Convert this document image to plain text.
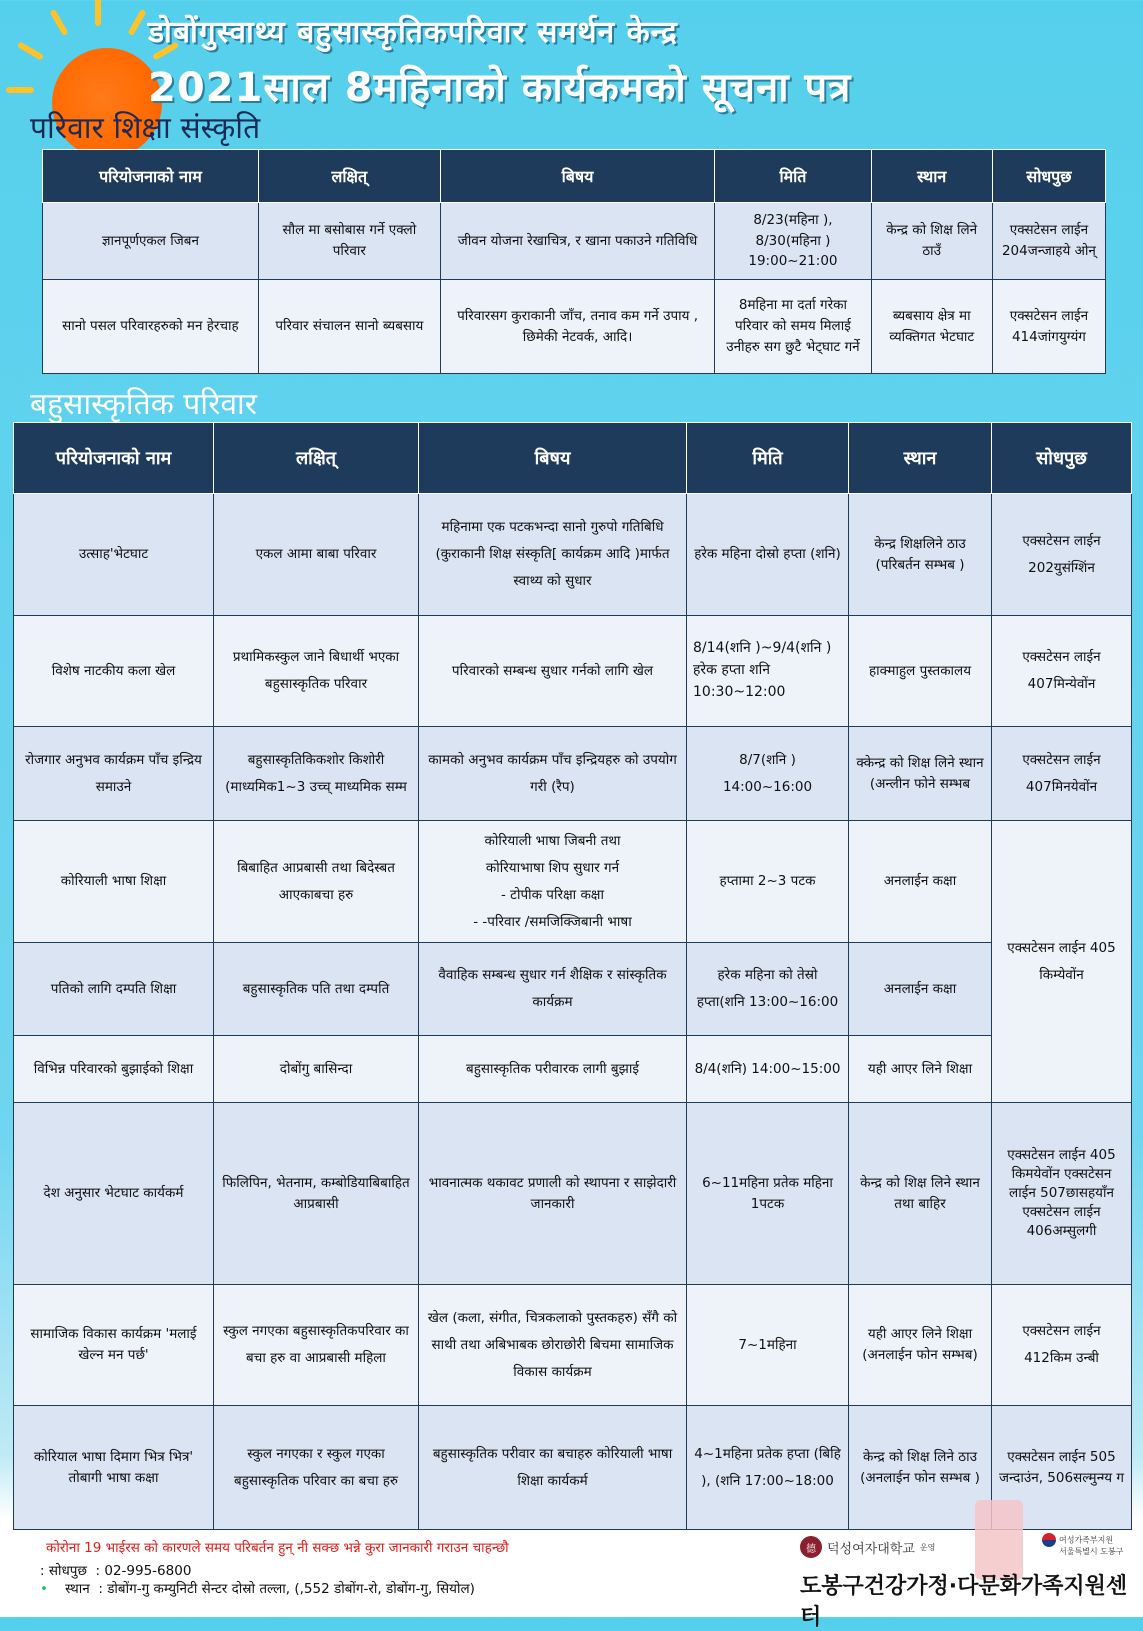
डोबोंगुस्वाथ्य बहुसास्कृतिकपरिवार समर्थन केन्द्र
2021साल 8महिनाको कार्यकमको सूचना पत्र
परिवार शिक्षा संस्कृति
परियोजनाको नाम	लक्षित्	बिषय	मिति	स्थान	सोधपुछ
ज्ञानपूर्णएकल जिबन	सौल मा बसोबास गर्ने एक्लो परिवार	जीवन योजना रेखाचित्र, र खाना पकाउने गतिविधि	8/23(महिना ), 8/30(महिना ) 19:00~21:00	केन्द्र को शिक्ष लिने ठाउँ	एक्सटेसन लाईन 204जन्जाहये ओन्
सानो पसल परिवारहरुको मन हेरचाह	परिवार संचालन सानो ब्यबसाय	परिवारसग कुराकानी जाँच, तनाव कम गर्ने उपाय , छिमेकी नेटवर्क, आदि।	8महिना मा दर्ता गरेका परिवार को समय मिलाई उनीहरु सग छुटै भेट्घाट गर्ने	ब्यबसाय क्षेत्र मा व्यक्तिगत भेटघाट	एक्सटेसन लाईन 414जांगयुग्यंग
बहुसास्कृतिक परिवार
परियोजनाको नाम	लक्षित्	बिषय	मिति	स्थान	सोधपुछ
उत्साह'भेटघाट	एकल आमा बाबा परिवार	महिनामा एक पटकभन्दा सानो गुरुपो गतिबिधि (कुराकानी शिक्ष संस्कृति[ कार्यक्रम आदि )मार्फत स्वाथ्य को सुधार	हरेक महिना दोस्रो हप्ता (शनि)	केन्द्र शिक्षलिने ठाउ (परिबर्तन सम्भब )	एक्सटेसन लाईन 202युसंग्शिंन
विशेष नाटकीय कला खेल	प्रथामिकस्कुल जाने बिधार्थी भएका बहुसास्कृतिक परिवार	परिवारको सम्बन्ध सुधार गर्नको लागि खेल	8/14(शनि )~9/4(शनि ) हरेक हप्ता शनि 10:30~12:00	हाक्माहुल पुस्तकालय	एक्सटेसन लाईन 407मिन्येवोंन
रोजगार अनुभव कार्यक्रम पाँच इन्द्रिय समाउने	बहुसास्कृतिकिकशोर किशोरी (माध्यमिक1~3 उच्च् माध्यमिक सम्म	कामको अनुभव कार्यक्रम पाँच इन्द्रियहरु को उपयोग गरी (रैप)	8/7(शनि ) 14:00~16:00	क्केन्द्र को शिक्ष लिने स्थान (अन्लीन फोने सम्भब	एक्सटेसन लाईन 407मिनयेवोंन
कोरियाली भाषा शिक्षा	बिबाहित आप्रबासी तथा बिदेस्बत आएकाबचा हरु	कोरियाली भाषा जिबनी तथा
कोरियाभाषा शिप सुधार गर्न
- टोपीक परिक्षा कक्षा
- -परिवार /समजिक्जिबानी भाषा	हप्तामा 2~3 पटक	अनलाईन कक्षा	एक्सटेसन लाईन 405 किम्येवोंन
पतिको लागि दम्पति शिक्षा	बहुसास्कृतिक पति तथा दम्पति	वैवाहिक सम्बन्ध सुधार गर्न शैक्षिक र सांस्कृतिक कार्यक्रम	हरेक महिना को तेस्रो हप्ता(शनि 13:00~16:00	अनलाईन कक्षा	
विभिन्न परिवारको बुझाईको शिक्षा	दोबोंगु बासिन्दा	बहुसास्कृतिक परीवारक लागी बुझाई	8/4(शनि) 14:00~15:00	यही आएर लिने शिक्षा	
देश अनुसार भेटघाट कार्यकर्म	फिलिपिन, भेतनाम, कम्बोडियाबिबाहित आप्रबासी	भावनात्मक थकावट प्रणाली को स्थापना र साझेदारी जानकारी	6~11महिना प्रतेक महिना 1पटक	केन्द्र को शिक्ष लिने स्थान तथा बाहिर	एक्सटेसन लाईन 405 किमयेवोंन एक्सटेसन लाईन 507छासहयाँन एक्सटेसन लाईन 406अम्सुलगी
सामाजिक विकास कार्यक्रम 'मलाई खेल्न मन पर्छ'	स्कुल नगएका बहुसास्कृतिकपरिवार का बचा हरु वा आप्रबासी महिला	खेल (कला, संगीत, चित्रकलाको पुस्तकहरु) सँगै को साथी तथा अबिभाबक छोराछोरी बिचमा सामाजिक विकास कार्यक्रम	7~1महिना	यही आएर लिने शिक्षा (अनलाईन फोन सम्भब)	एक्सटेसन लाईन 412किम उन्बी
कोरियाल भाषा दिमाग भित्र भित्र' तोबागी भाषा कक्षा	स्कुल नगएका र स्कुल गएका बहुसास्कृतिक परिवार का बचा हरु	बहुसास्कृतिक परीवार का बचाहरु कोरियाली भाषा शिक्षा कार्यकर्म	4~1महिना प्रतेक हप्ता (बिहि ), (शनि 17:00~18:00	केन्द्र को शिक्ष लिने ठाउ (अनलाईन फोन सम्भब )	एक्सटेसन लाईन 505 जन्दाउंन, 506सल्मुन्ग्य ग
कोरोना 19 भाईरस को कारणले समय परिबर्तन हुन् नी सक्छ भन्ने कुरा जानकारी गराउन चाहन्छौ
: सोधपुछ  : 02-995-6800
• स्थान  : डोबोंग-गु कम्युनिटी सेन्टर दोस्रो तल्ला, (,552 डोबोंग-रो, डोबोंग-गु, सियोल)
德 덕성여자대학교 운영
여성가족부지원
서울특별시 도봉구
도봉구건강가정·다문화가족지원센터
